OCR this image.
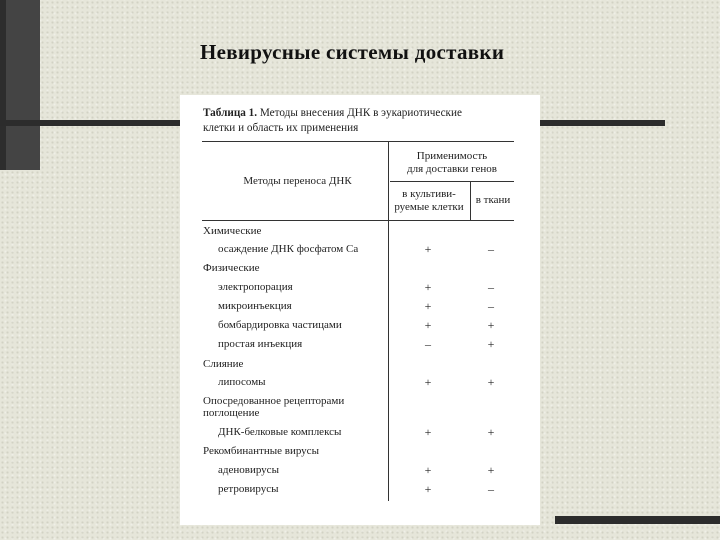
Невирусные системы доставки
Таблица 1. Методы внесения ДНК в эукариотические
клетки и область их применения
Методы переноса ДНК
Применимость
для доставки генов
в культиви-
руемые клетки
в ткани
Химические
осаждение ДНК фосфатом Са	+	–
Физические
электропорация	+	–
микроинъекция	+	–
бомбардировка частицами	+	+
простая инъекция	–	+
Слияние
липосомы	+	+
Опосредованное рецепторами
поглощение
ДНК-белковые комплексы	+	+
Рекомбинантные вирусы
аденовирусы	+	+
ретровирусы	+	–
